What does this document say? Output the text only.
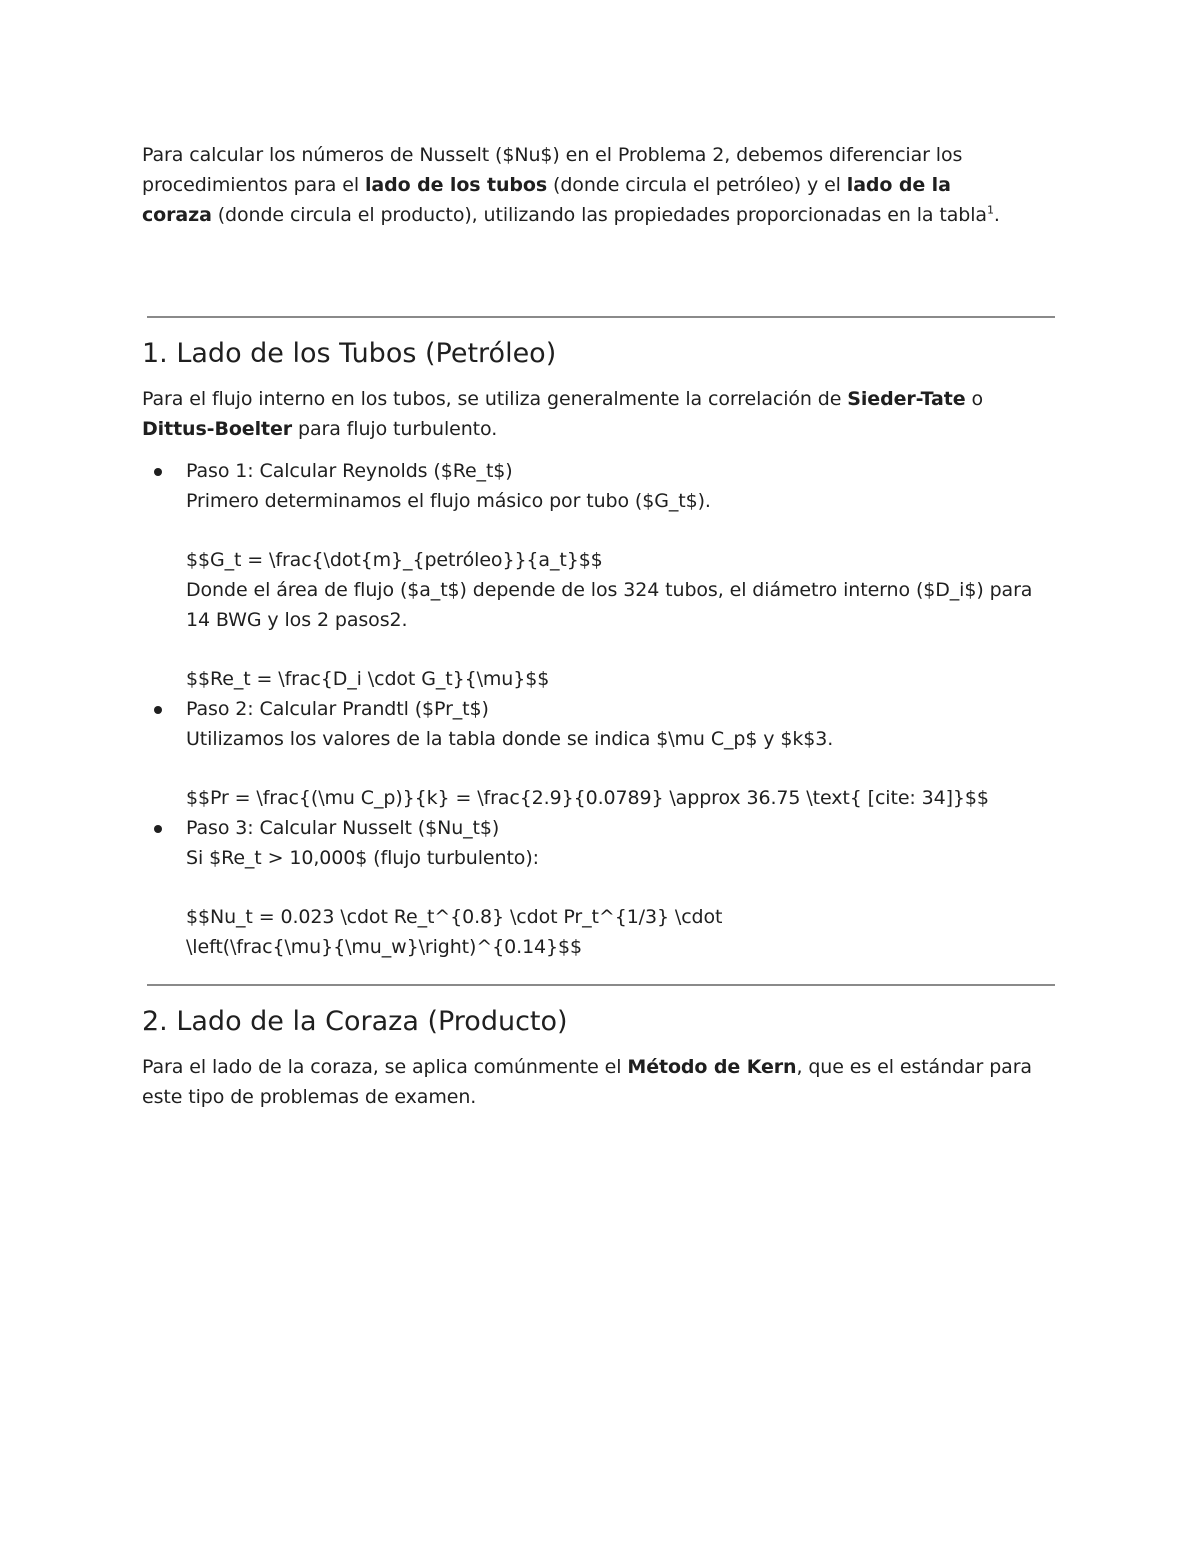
Para calcular los números de Nusselt ($Nu$) en el Problema 2, debemos diferenciar los procedimientos para el lado de los tubos (donde circula el petróleo) y el lado de la coraza (donde circula el producto), utilizando las propiedades proporcionadas en la tabla$^1$.

1. Lado de los Tubos (Petróleo)

Para el flujo interno en los tubos, se utiliza generalmente la correlación de Sieder-Tate o Dittus-Boelter para flujo turbulento.

Paso 1: Calcular Reynolds ($Re_t$)
Primero determinamos el flujo másico por tubo ($G_t$).
$$G_t = \frac{\dot{m}_{petróleo}}{a_t}$$
Donde el área de flujo ($a_t$) depende de los 324 tubos, el diámetro interno ($D_i$) para
14 BWG y los 2 pasos2.
$$Re_t = \frac{D_i \cdot G_t}{\mu}$$
Paso 2: Calcular Prandtl ($Pr_t$)
Utilizamos los valores de la tabla donde se indica $\mu C_p$ y $k$3.
$$Pr = \frac{(\mu C_p)}{k} = \frac{2.9}{0.0789} \approx 36.75 \text{ [cite: 34]}$$
Paso 3: Calcular Nusselt ($Nu_t$)
Si $Re_t > 10,000$ (flujo turbulento):
$$Nu_t = 0.023 \cdot Re_t^{0.8} \cdot Pr_t^{1/3} \cdot
\left(\frac{\mu}{\mu_w}\right)^{0.14}$$
2. Lado de la Coraza (Producto)

Para el lado de la coraza, se aplica comúnmente el Método de Kern, que es el estándar para
este tipo de problemas de examen.
